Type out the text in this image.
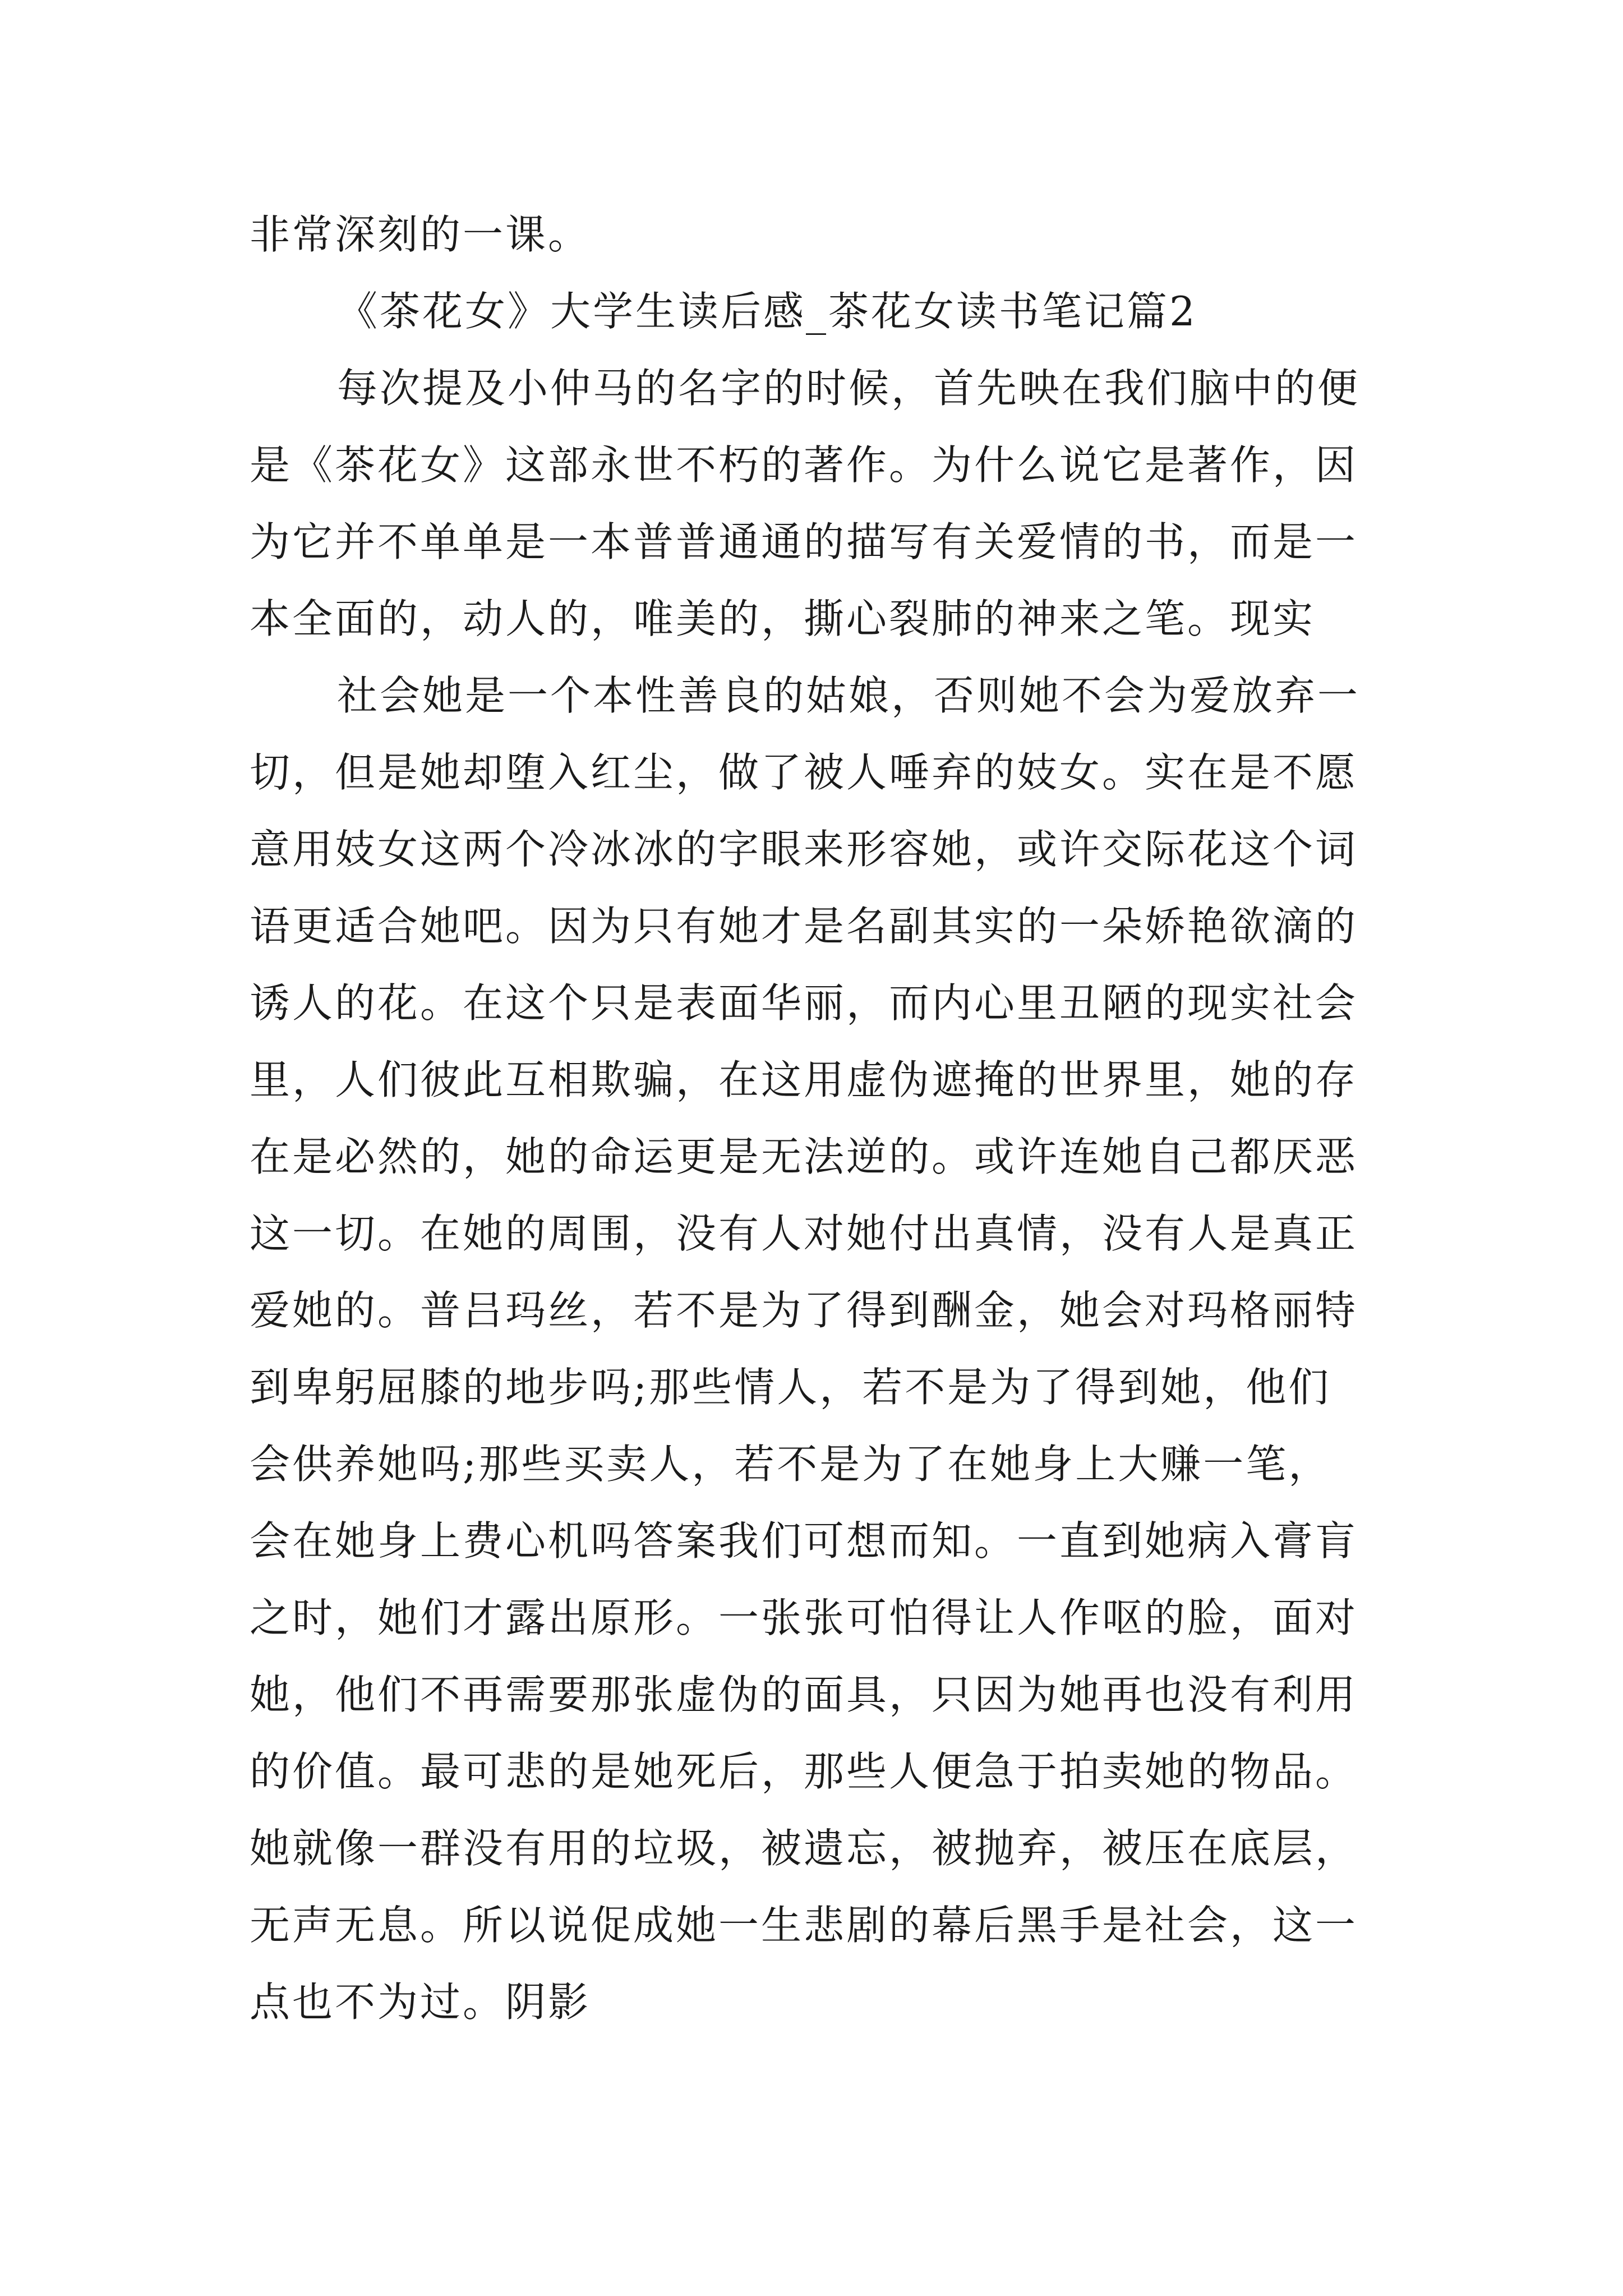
非常深刻的一课。

《茶花女》大学生读后感_茶花女读书笔记篇2

每次提及小仲马的名字的时候，首先映在我们脑中的便

是《茶花女》这部永世不朽的著作。为什么说它是著作，因

为它并不单单是一本普普通通的描写有关爱情的书，而是一

本全面的，动人的，唯美的，撕心裂肺的神来之笔。现实

社会她是一个本性善良的姑娘，否则她不会为爱放弃一

切，但是她却堕入红尘，做了被人唾弃的妓女。实在是不愿

意用妓女这两个冷冰冰的字眼来形容她，或许交际花这个词

语更适合她吧。因为只有她才是名副其实的一朵娇艳欲滴的

诱人的花。在这个只是表面华丽，而内心里丑陋的现实社会

里，人们彼此互相欺骗，在这用虚伪遮掩的世界里，她的存

在是必然的，她的命运更是无法逆的。或许连她自己都厌恶

这一切。在她的周围，没有人对她付出真情，没有人是真正

爱她的。普吕玛丝，若不是为了得到酬金，她会对玛格丽特

到卑躬屈膝的地步吗;那些情人，若不是为了得到她，他们

会供养她吗;那些买卖人，若不是为了在她身上大赚一笔，

会在她身上费心机吗答案我们可想而知。一直到她病入膏肓

之时，她们才露出原形。一张张可怕得让人作呕的脸，面对

她，他们不再需要那张虚伪的面具，只因为她再也没有利用

的价值。最可悲的是她死后，那些人便急于拍卖她的物品。

她就像一群没有用的垃圾，被遗忘，被抛弃，被压在底层，

无声无息。所以说促成她一生悲剧的幕后黑手是社会，这一

点也不为过。阴影
